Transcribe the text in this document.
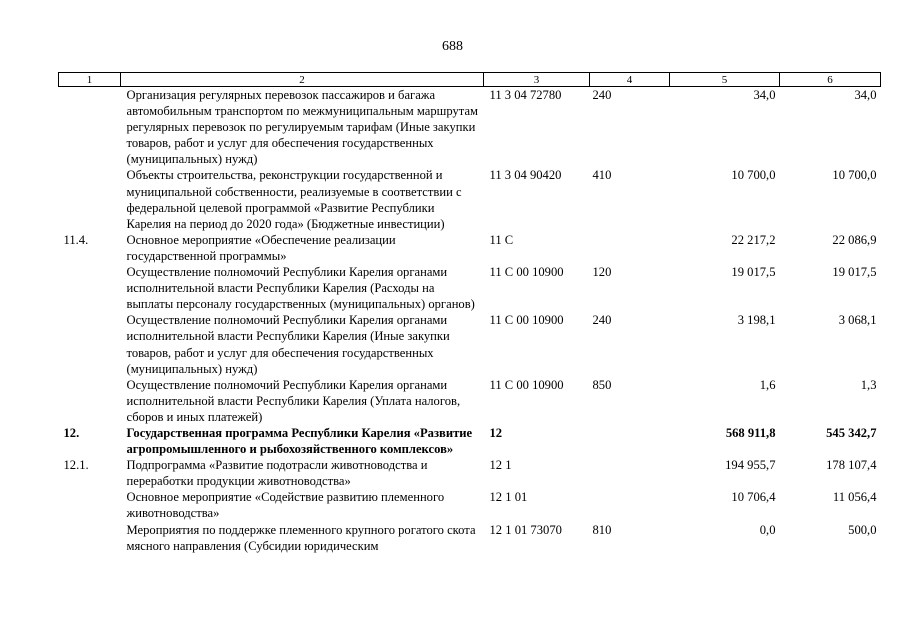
688
1	2	3	4	5	6
	Организация регулярных перевозок пассажиров и багажа автомобильным транспортом по межмуниципальным маршрутам регулярных перевозок по регулируемым тарифам (Иные закупки товаров, работ и услуг для обеспечения государственных (муниципальных) нужд)	11 3 04 72780	240	34,0	34,0
	Объекты строительства, реконструкции государственной и муниципальной собственности, реализуемые в соответствии с федеральной целевой программой «Развитие Республики Карелия на период до 2020 года» (Бюджетные инвестиции)	11 3 04 90420	410	10 700,0	10 700,0
11.4.	Основное мероприятие «Обеспечение реализации государственной программы»	11 С		22 217,2	22 086,9
	Осуществление полномочий Республики Карелия органами исполнительной власти Республики Карелия (Расходы на выплаты персоналу государственных (муниципальных) органов)	11 С 00 10900	120	19 017,5	19 017,5
	Осуществление полномочий Республики Карелия органами исполнительной власти Республики Карелия (Иные закупки товаров, работ и услуг для обеспечения государственных (муниципальных) нужд)	11 С 00 10900	240	3 198,1	3 068,1
	Осуществление полномочий Республики Карелия органами исполнительной власти Республики Карелия (Уплата налогов, сборов и иных платежей)	11 С 00 10900	850	1,6	1,3
12.	Государственная программа Республики Карелия «Развитие агропромышленного и рыбохозяйственного комплексов»	12		568 911,8	545 342,7
12.1.	Подпрограмма «Развитие подотрасли животноводства и переработки продукции животноводства»	12 1		194 955,7	178 107,4
	Основное мероприятие «Содействие развитию племенного животноводства»	12 1 01		10 706,4	11 056,4
	Мероприятия по поддержке племенного крупного рогатого скота мясного направления (Субсидии юридическим	12 1 01 73070	810	0,0	500,0
